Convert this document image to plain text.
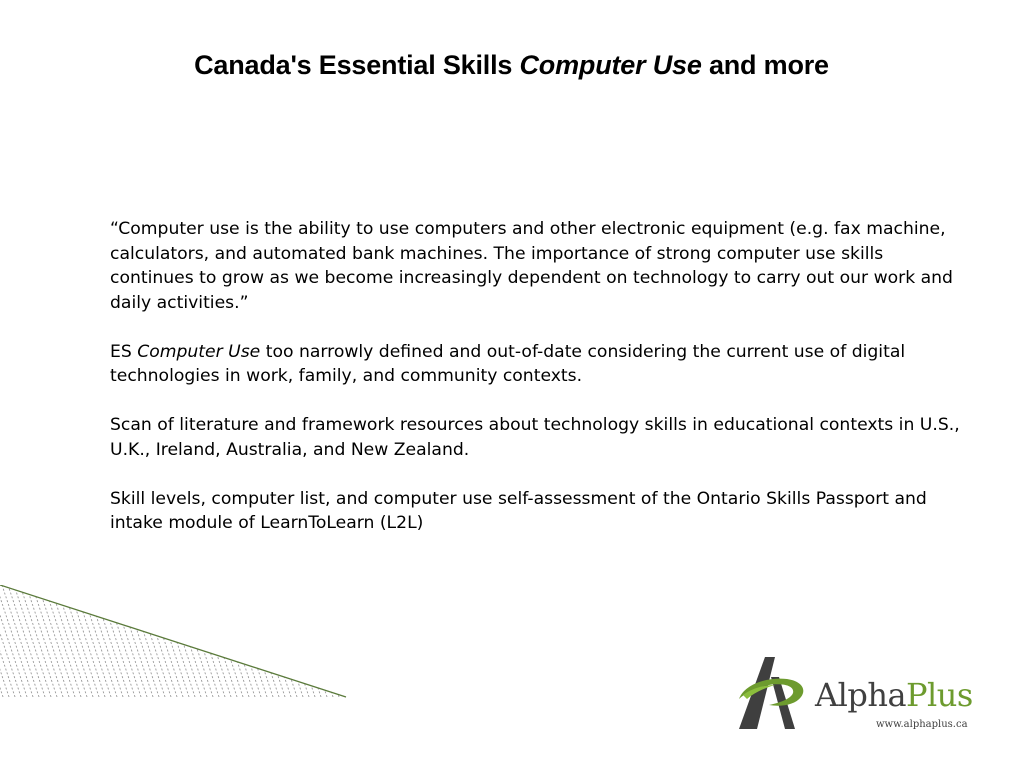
Canada's Essential Skills Computer Use and more

“Computer use is the ability to use computers and other electronic equipment (e.g. fax machine, calculators, and automated bank machines. The importance of strong computer use skills continues to grow as we become increasingly dependent on technology to carry out our work and daily activities.”

ES Computer Use too narrowly defined and out-of-date considering the current use of digital technologies in work, family, and community contexts.

Scan of literature and framework resources about technology skills in educational contexts in U.S., U.K., Ireland, Australia, and New Zealand.

Skill levels, computer list, and computer use self-assessment of the Ontario Skills Passport and intake module of LearnToLearn (L2L)

AlphaPlus
www.alphaplus.ca
